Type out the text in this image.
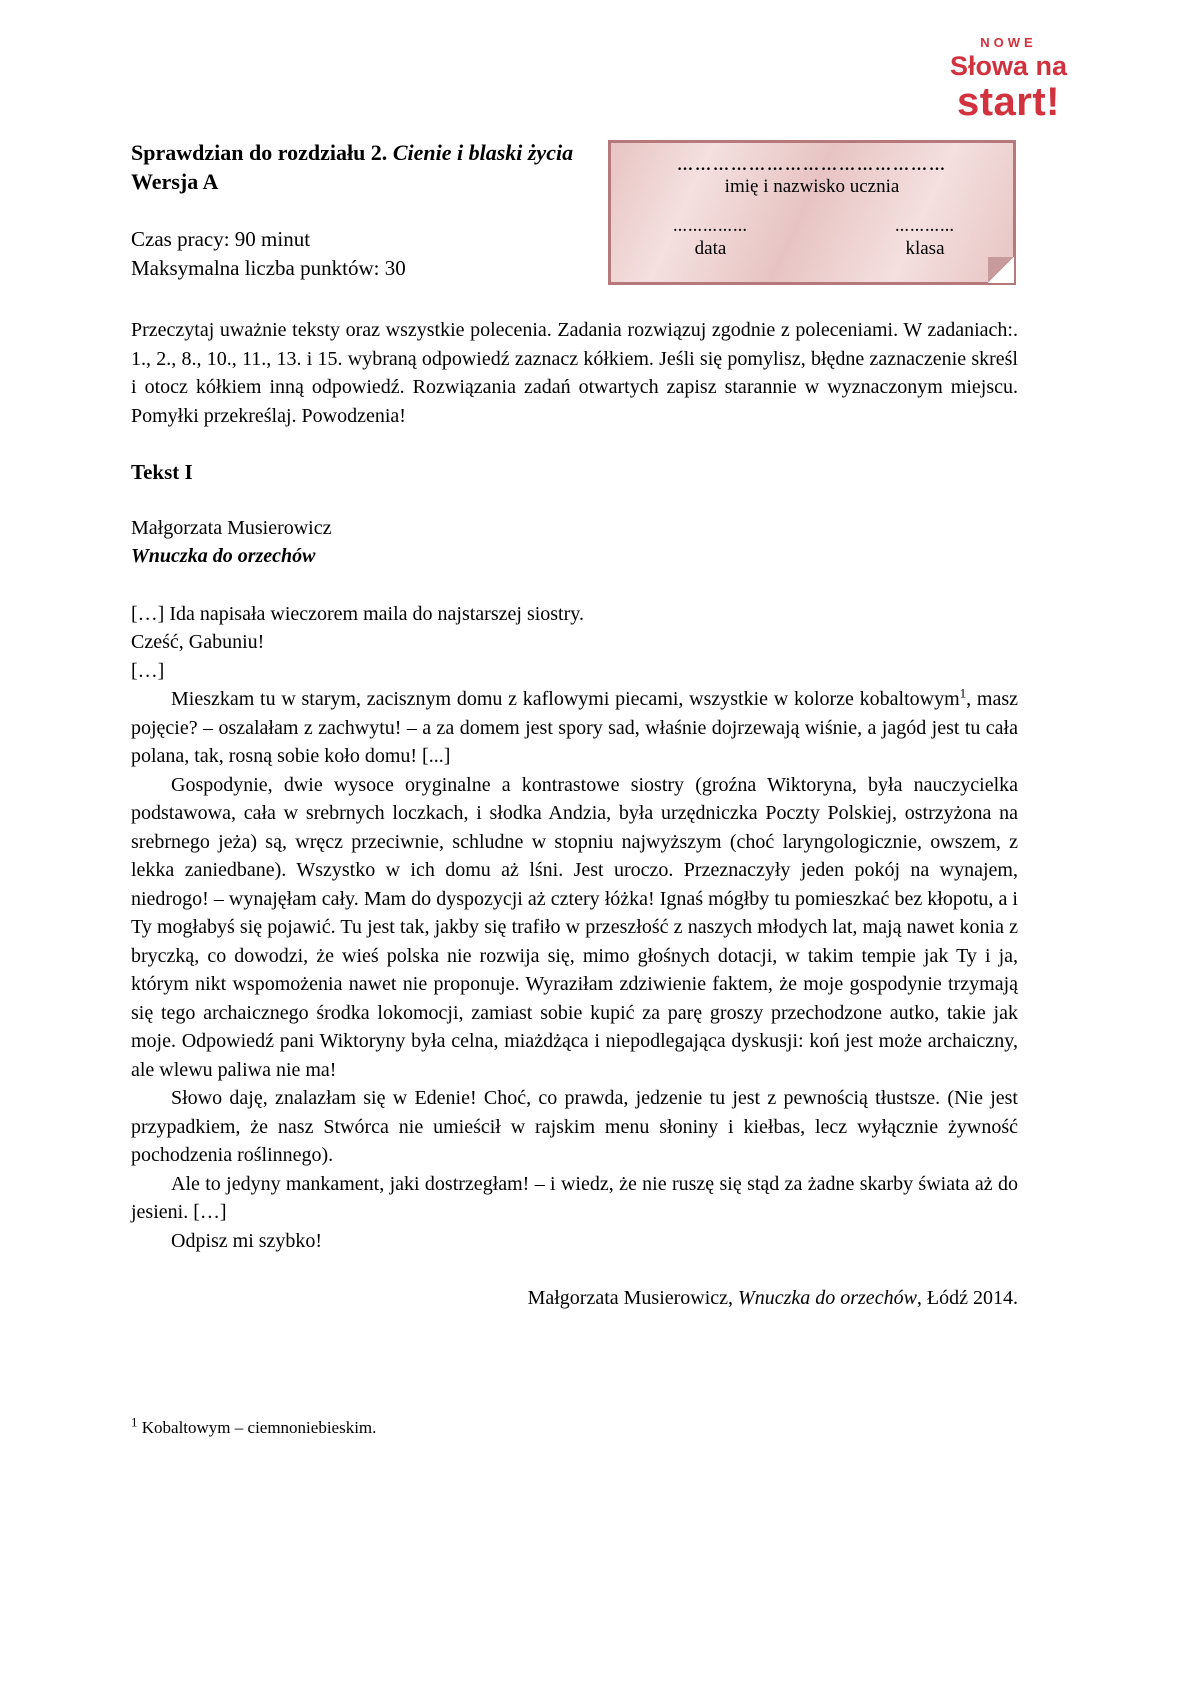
NOWE
Słowa na
start!
Sprawdzian do rozdziału 2. Cienie i blaski życia
Wersja A
Czas pracy: 90 minut
Maksymalna liczba punktów: 30
………………………………………
imię i nazwisko ucznia
……………
data
…………
klasa

Przeczytaj uważnie teksty oraz wszystkie polecenia. Zadania rozwiązuj zgodnie z poleceniami. W zadaniach:. 1., 2., 8., 10., 11., 13. i 15. wybraną odpowiedź zaznacz kółkiem. Jeśli się pomylisz, błędne zaznaczenie skreśl i otocz kółkiem inną odpowiedź. Rozwiązania zadań otwartych zapisz starannie w wyznaczonym miejscu. Pomyłki przekreślaj. Powodzenia!

Tekst I
Małgorzata Musierowicz
Wnuczka do orzechów

[…] Ida napisała wieczorem maila do najstarszej siostry.

Cześć, Gabuniu!

[…]

Mieszkam tu w starym, zacisznym domu z kaflowymi piecami, wszystkie w kolorze kobaltowym$^1$, masz pojęcie? – oszalałam z zachwytu! – a za domem jest spory sad, właśnie dojrzewają wiśnie, a jagód jest tu cała polana, tak, rosną sobie koło domu! [...]

Gospodynie, dwie wysoce oryginalne a kontrastowe siostry (groźna Wiktoryna, była nauczycielka podstawowa, cała w srebrnych loczkach, i słodka Andzia, była urzędniczka Poczty Polskiej, ostrzyżona na srebrnego jeża) są, wręcz przeciwnie, schludne w stopniu najwyższym (choć laryngologicznie, owszem, z lekka zaniedbane). Wszystko w ich domu aż lśni. Jest uroczo. Przeznaczyły jeden pokój na wynajem, niedrogo! – wynajęłam cały. Mam do dyspozycji aż cztery łóżka! Ignaś mógłby tu pomieszkać bez kłopotu, a i Ty mogłabyś się pojawić. Tu jest tak, jakby się trafiło w przeszłość z naszych młodych lat, mają nawet konia z bryczką, co dowodzi, że wieś polska nie rozwija się, mimo głośnych dotacji, w takim tempie jak Ty i ja, którym nikt wspomożenia nawet nie proponuje. Wyraziłam zdziwienie faktem, że moje gospodynie trzymają się tego archaicznego środka lokomocji, zamiast sobie kupić za parę groszy przechodzone autko, takie jak moje. Odpowiedź pani Wiktoryny była celna, miażdżąca i niepodlegająca dyskusji: koń jest może archaiczny, ale wlewu paliwa nie ma!

Słowo daję, znalazłam się w Edenie! Choć, co prawda, jedzenie tu jest z pewnością tłustsze. (Nie jest przypadkiem, że nasz Stwórca nie umieścił w rajskim menu słoniny i kiełbas, lecz wyłącznie żywność pochodzenia roślinnego).

Ale to jedyny mankament, jaki dostrzegłam! – i wiedz, że nie ruszę się stąd za żadne skarby świata aż do jesieni. […]

Odpisz mi szybko!

Małgorzata Musierowicz, Wnuczka do orzechów, Łódź 2014.
$^1$ Kobaltowym – ciemnoniebieskim.
